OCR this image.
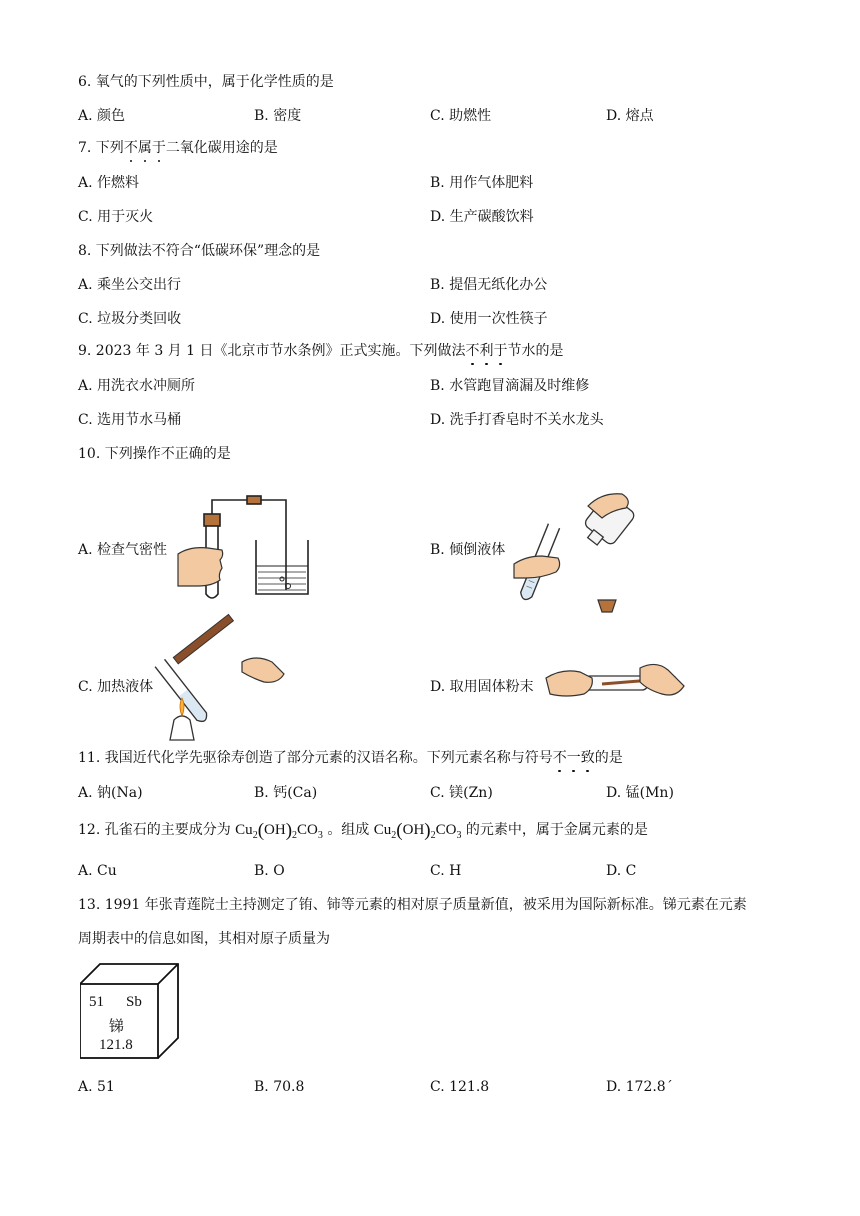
6. 氧气的下列性质中，属于化学性质的是
A. 颜色	B. 密度	C. 助燃性	D. 熔点
7. 下列不属于二氧化碳用途的是
A. 作燃料	B. 用作气体肥料
C. 用于灭火	D. 生产碳酸饮料
8. 下列做法不符合“低碳环保”理念的是
A. 乘坐公交出行	B. 提倡无纸化办公
C. 垃圾分类回收	D. 使用一次性筷子
9. 2023 年 3 月 1 日《北京市节水条例》正式实施。下列做法不利于节水的是
A. 用洗衣水冲厕所	B. 水管跑冒滴漏及时维修
C. 选用节水马桶	D. 洗手打香皂时不关水龙头
10. 下列操作不正确的是
A. 检查气密性	B. 倾倒液体
C. 加热液体	D. 取用固体粉末
11. 我国近代化学先驱徐寿创造了部分元素的汉语名称。下列元素名称与符号不一致的是
A. 钠(Na)	B. 钙(Ca)	C. 镁(Zn)	D. 锰(Mn)
12. 孔雀石的主要成分为 $Cu_2(OH)_2CO_3$ 。组成 $Cu_2(OH)_2CO_3$ 的元素中，属于金属元素的是
A. Cu	B. O	C. H	D. C
13. 1991 年张青莲院士主持测定了铕、铈等元素的相对原子质量新值，被采用为国际新标准。锑元素在元素
周期表中的信息如图，其相对原子质量为
51 Sb
锑
121.8
A. 51	B. 70.8	C. 121.8	D. 172.8´
